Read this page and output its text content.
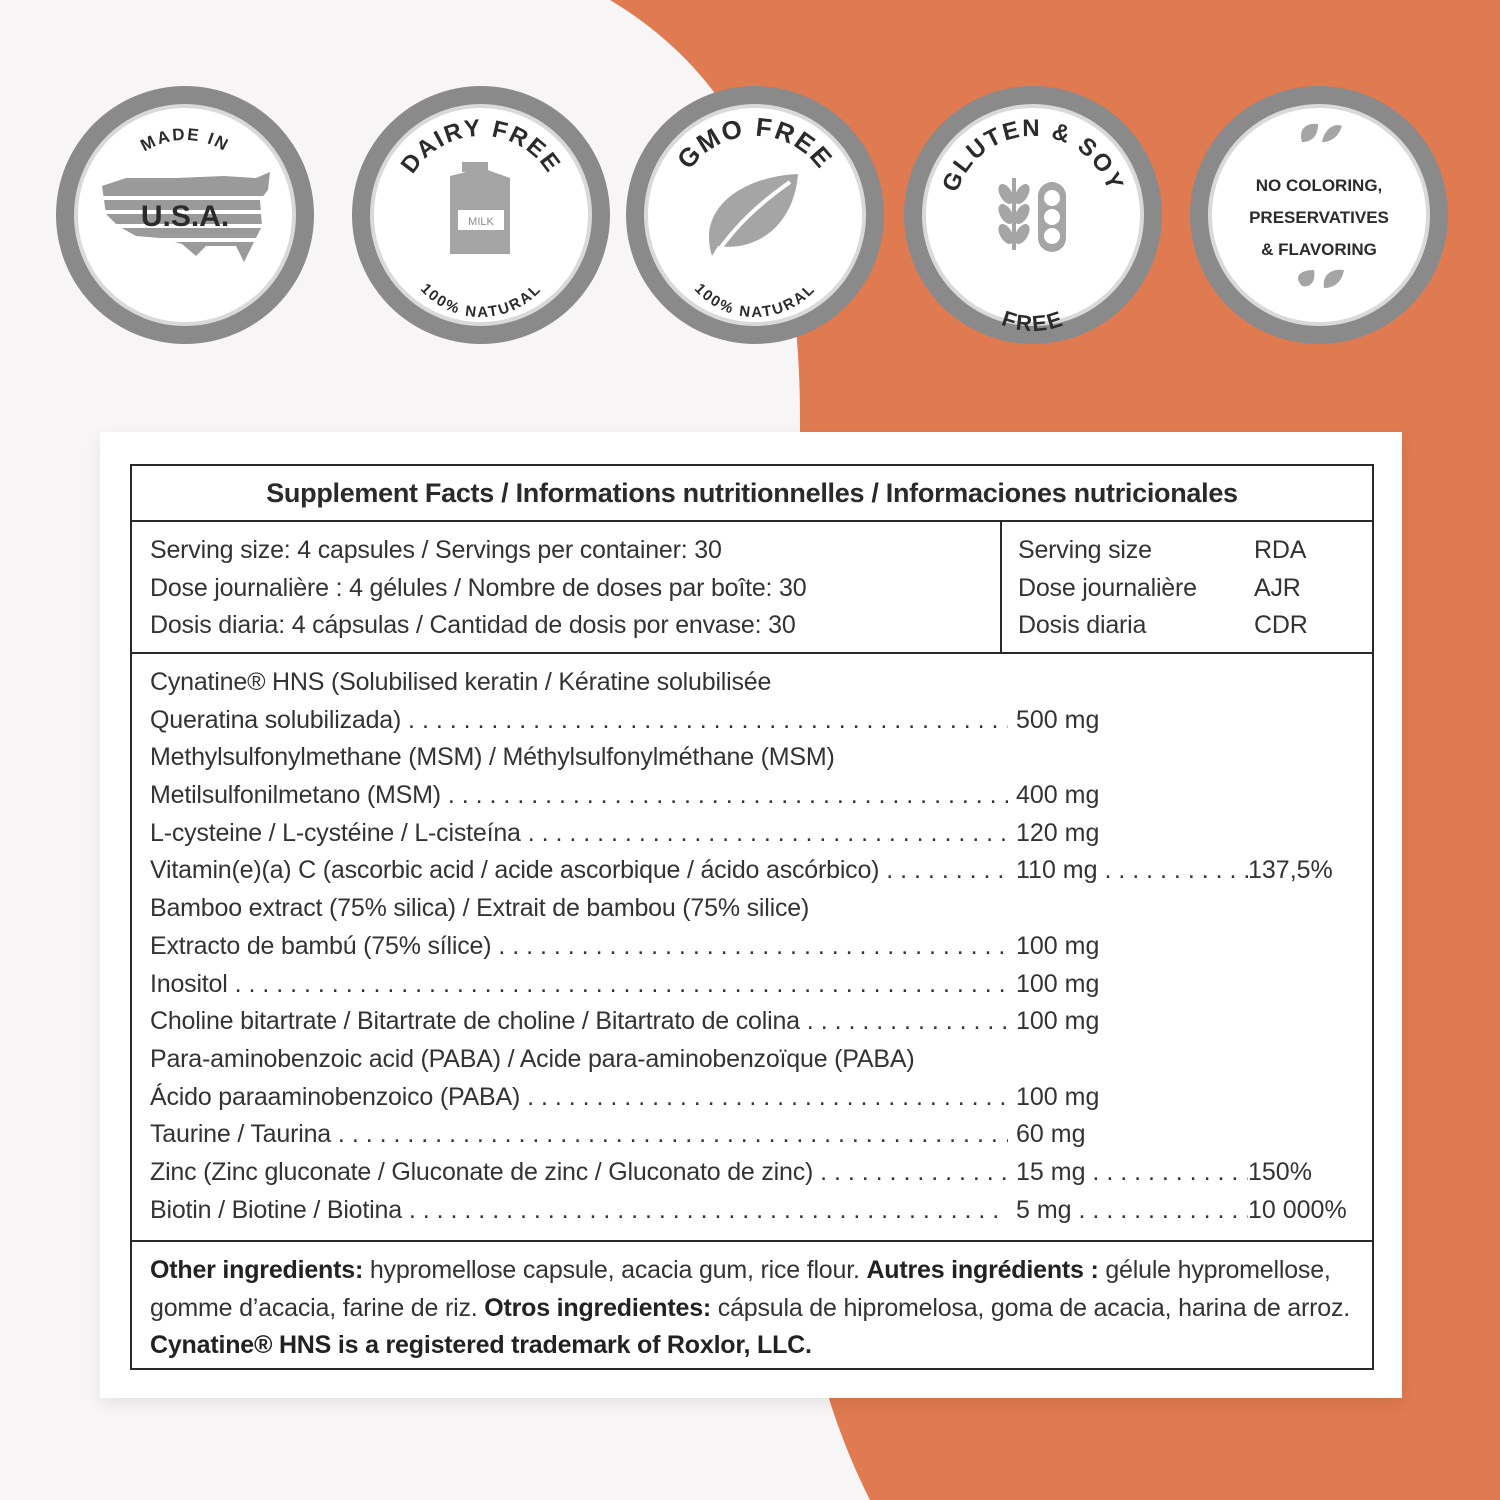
MADE IN
U.S.A.
DAIRY FREE
100% NATURAL
MILK
GMO FREE
100% NATURAL
GLUTEN & SOY
FREE
NO COLORING,
PRESERVATIVES
& FLAVORING
Supplement Facts / Informations nutritionnelles / Informaciones nutricionales
Serving size: 4 capsules / Servings per container: 30
Dose journalière : 4 gélules / Nombre de doses par boîte: 30
Dosis diaria: 4 cápsulas / Cantidad de dosis por envase: 30
Serving size	RDA
Dose journalière AJR
Dosis diaria	CDR
Cynatine® HNS (Solubilised keratin / Kératine solubilisée
Queratina solubilizada) . . .	500 mg
Methylsulfonylmethane (MSM) / Méthylsulfonylméthane (MSM)
Metilsulfonilmetano (MSM) . . .	400 mg
L-cysteine / L-cystéine / L-cisteína . . .	120 mg
Vitamin(e)(a) C (ascorbic acid / acide ascorbique / ácido ascórbico) . . .	110 mg . . .	137,5%
Bamboo extract (75% silica) / Extrait de bambou (75% silice)
Extracto de bambú (75% sílice) . . .	100 mg
Inositol . . .	100 mg
Choline bitartrate / Bitartrate de choline / Bitartrato de colina . . .	100 mg
Para-aminobenzoic acid (PABA) / Acide para-aminobenzoïque (PABA)
Ácido paraaminobenzoico (PABA) . . .	100 mg
Taurine / Taurina . . .	60 mg
Zinc (Zinc gluconate / Gluconate de zinc / Gluconato de zinc) . . .	15 mg . . .	150%
Biotin / Biotine / Biotina . . .	5 mg . . .	10 000%
Other ingredients: hypromellose capsule, acacia gum, rice flour. Autres ingrédients : gélule hypromellose, gomme d’acacia, farine de riz. Otros ingredientes: cápsula de hipromelosa, goma de acacia, harina de arroz. Cynatine® HNS is a registered trademark of Roxlor, LLC.
